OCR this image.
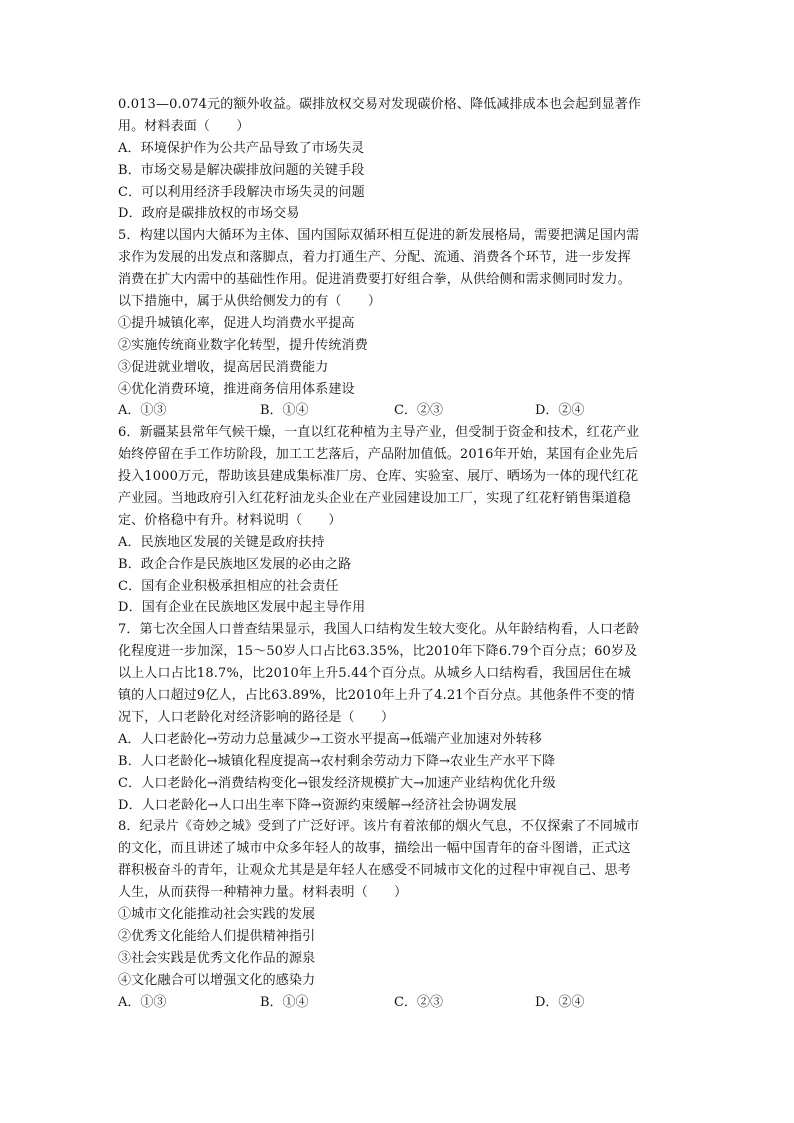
0.013—0.074元的额外收益。碳排放权交易对发现碳价格、降低减排成本也会起到显著作
用。材料表面（　　）
A．环境保护作为公共产品导致了市场失灵
B．市场交易是解决碳排放问题的关键手段
C．可以利用经济手段解决市场失灵的问题
D．政府是碳排放权的市场交易
5．构建以国内大循环为主体、国内国际双循环相互促进的新发展格局，需要把满足国内需
求作为发展的出发点和落脚点，着力打通生产、分配、流通、消费各个环节，进一步发挥
消费在扩大内需中的基础性作用。促进消费要打好组合拳，从供给侧和需求侧同时发力。
以下措施中，属于从供给侧发力的有（　　）
①提升城镇化率，促进人均消费水平提高
②实施传统商业数字化转型，提升传统消费
③促进就业增收，提高居民消费能力
④优化消费环境，推进商务信用体系建设
A．①③	B．①④	C．②③	D．②④
6．新疆某县常年气候干燥，一直以红花种植为主导产业，但受制于资金和技术，红花产业
始终停留在手工作坊阶段，加工工艺落后，产品附加值低。2016年开始，某国有企业先后
投入1000万元，帮助该县建成集标准厂房、仓库、实验室、展厅、晒场为一体的现代红花
产业园。当地政府引入红花籽油龙头企业在产业园建设加工厂，实现了红花籽销售渠道稳
定、价格稳中有升。材料说明（　　）
A．民族地区发展的关键是政府扶持
B．政企合作是民族地区发展的必由之路
C．国有企业积极承担相应的社会责任
D．国有企业在民族地区发展中起主导作用
7．第七次全国人口普查结果显示，我国人口结构发生较大变化。从年龄结构看，人口老龄
化程度进一步加深，15～50岁人口占比63.35%，比2010年下降6.79个百分点；60岁及
以上人口占比18.7%，比2010年上升5.44个百分点。从城乡人口结构看，我国居住在城
镇的人口超过9亿人，占比63.89%，比2010年上升了4.21个百分点。其他条件不变的情
况下，人口老龄化对经济影响的路径是（　　）
A．人口老龄化→劳动力总量减少→工资水平提高→低端产业加速对外转移
B．人口老龄化→城镇化程度提高→农村剩余劳动力下降→农业生产水平下降
C．人口老龄化→消费结构变化→银发经济规模扩大→加速产业结构优化升级
D．人口老龄化→人口出生率下降→资源约束缓解→经济社会协调发展
8．纪录片《奇妙之城》受到了广泛好评。该片有着浓郁的烟火气息，不仅探索了不同城市
的文化，而且讲述了城市中众多年轻人的故事，描绘出一幅中国青年的奋斗图谱，正式这
群积极奋斗的青年，让观众尤其是是年轻人在感受不同城市文化的过程中审视自己、思考
人生，从而获得一种精神力量。材料表明（　　）
①城市文化能推动社会实践的发展
②优秀文化能给人们提供精神指引
③社会实践是优秀文化作品的源泉
④文化融合可以增强文化的感染力
A．①③	B．①④	C．②③	D．②④
